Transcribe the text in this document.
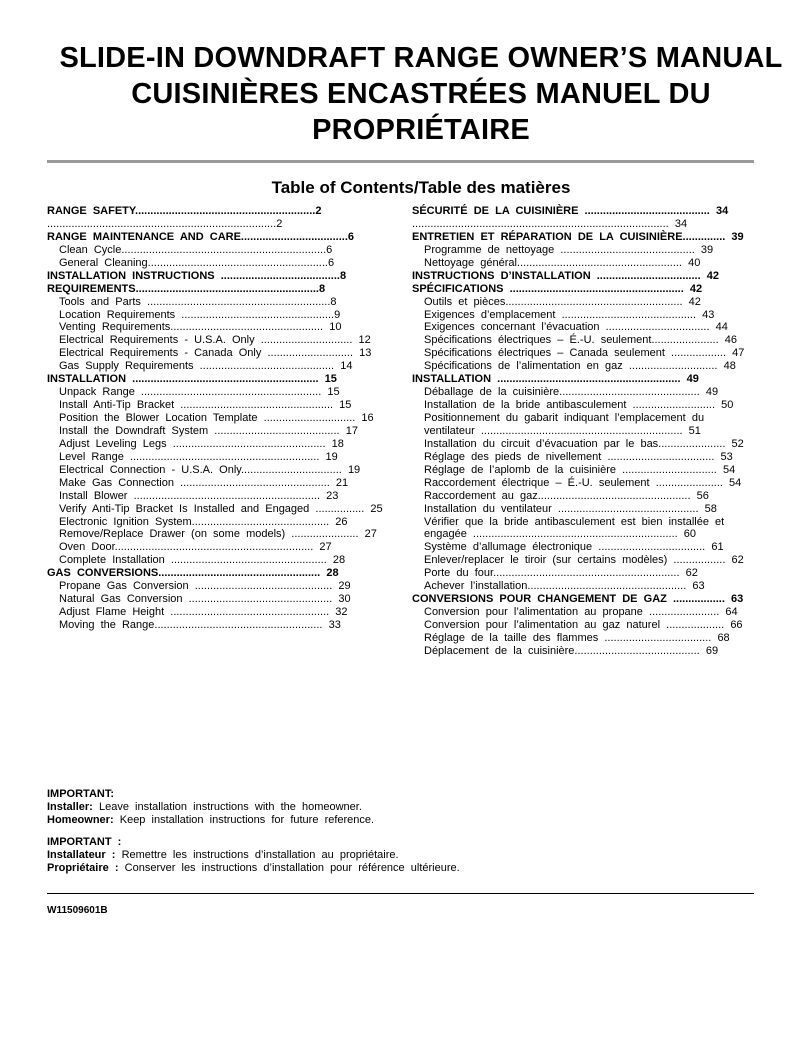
SLIDE-IN DOWNDRAFT RANGE OWNER’S MANUAL
CUISINIÈRES ENCASTRÉES MANUEL DU
PROPRIÉTAIRE
Table of Contents/Table des matières
RANGE  SAFETY...........................................................2
...........................................................................2
RANGE  MAINTENANCE  AND  CARE...................................6
Clean  Cycle...................................................................6
General  Cleaning...........................................................6
INSTALLATION  INSTRUCTIONS  .......................................8
REQUIREMENTS............................................................8
Tools  and  Parts  ............................................................8
Location  Requirements  ..................................................9
Venting  Requirements..................................................  10
Electrical  Requirements  -  U.S.A.  Only  ..............................  12
Electrical  Requirements  -  Canada  Only  ............................  13
Gas  Supply  Requirements  ............................................  14
INSTALLATION  .............................................................  15
Unpack  Range  ...........................................................  15
Install  Anti-Tip  Bracket  ..................................................  15
Position  the  Blower  Location  Template  ..............................  16
Install  the  Downdraft  System  .........................................  17
Adjust  Leveling  Legs  ..................................................  18
Level  Range  ..............................................................  19
Electrical  Connection  -  U.S.A.  Only.................................  19
Make  Gas  Connection  .................................................  21
Install  Blower  .............................................................  23
Verify  Anti-Tip  Bracket  Is  Installed  and  Engaged  ................  25
Electronic  Ignition  System.............................................  26
Remove/Replace  Drawer  (on  some  models)  ......................  27
Oven  Door.................................................................  27
Complete  Installation  ...................................................  28
GAS  CONVERSIONS.....................................................  28
Propane  Gas  Conversion  .............................................  29
Natural  Gas  Conversion  ...............................................  30
Adjust  Flame  Height  ....................................................  32
Moving  the  Range.......................................................  33
SÉCURITÉ  DE  LA  CUISINIÈRE  .........................................  34
....................................................................................  34
ENTRETIEN  ET  RÉPARATION  DE  LA  CUISINIÈRE..............  39
Programme  de  nettoyage  ............................................  39
Nettoyage  général......................................................  40
INSTRUCTIONS  D’INSTALLATION  ..................................  42
SPÉCIFICATIONS  .........................................................  42
Outils  et  pièces..........................................................  42
Exigences  d’emplacement  ............................................  43
Exigences  concernant  l’évacuation  ..................................  44
Spécifications  électriques  –  É.-U.  seulement......................  46
Spécifications  électriques  –  Canada  seulement  ..................  47
Spécifications  de  l’alimentation  en  gaz  .............................  48
INSTALLATION  ............................................................  49
Déballage  de  la  cuisinière..............................................  49
Installation  de  la  bride  antibasculement  ...........................  50
Positionnement  du  gabarit  indiquant  l’emplacement  du
ventilateur  ..................................................................  51
Installation  du  circuit  d’évacuation  par  le  bas......................  52
Réglage  des  pieds  de  nivellement  ...................................  53
Réglage  de  l’aplomb  de  la  cuisinière  ...............................  54
Raccordement  électrique  –  É.-U.  seulement  ......................  54
Raccordement  au  gaz..................................................  56
Installation  du  ventilateur  ..............................................  58
Vérifier  que  la  bride  antibasculement  est  bien  installée  et
engagée  ...................................................................  60
Système  d’allumage  électronique  ...................................  61
Enlever/replacer  le  tiroir  (sur  certains  modèles)  .................  62
Porte  du  four.............................................................  62
Achever  l’installation....................................................  63
CONVERSIONS  POUR  CHANGEMENT  DE  GAZ  .................  63
Conversion  pour  l’alimentation  au  propane  .......................  64
Conversion  pour  l’alimentation  au  gaz  naturel  ...................  66
Réglage  de  la  taille  des  flammes  ...................................  68
Déplacement  de  la  cuisinière.........................................  69
IMPORTANT:
Installer:  Leave  installation  instructions  with  the  homeowner.
Homeowner:  Keep  installation  instructions  for  future  reference.
IMPORTANT  :
Installateur  :  Remettre  les  instructions  d’installation  au  propriétaire.
Propriétaire  :  Conserver  les  instructions  d’installation  pour  référence  ultérieure.
W11509601B
